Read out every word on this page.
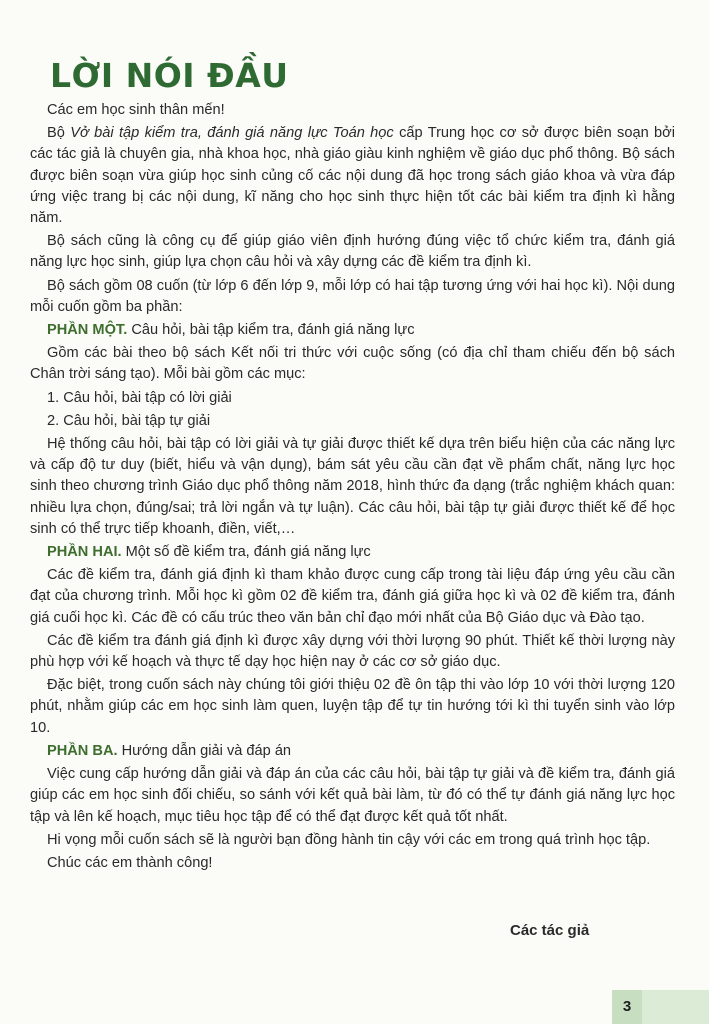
LỜI NÓI ĐẦU

Các em học sinh thân mến!

Bộ Vở bài tập kiểm tra, đánh giá năng lực Toán học cấp Trung học cơ sở được biên soạn bởi các tác giả là chuyên gia, nhà khoa học, nhà giáo giàu kinh nghiệm về giáo dục phổ thông. Bộ sách được biên soạn vừa giúp học sinh củng cố các nội dung đã học trong sách giáo khoa và vừa đáp ứng việc trang bị các nội dung, kĩ năng cho học sinh thực hiện tốt các bài kiểm tra định kì hằng năm.

Bộ sách cũng là công cụ để giúp giáo viên định hướng đúng việc tổ chức kiểm tra, đánh giá năng lực học sinh, giúp lựa chọn câu hỏi và xây dựng các đề kiểm tra định kì.

Bộ sách gồm 08 cuốn (từ lớp 6 đến lớp 9, mỗi lớp có hai tập tương ứng với hai học kì). Nội dung mỗi cuốn gồm ba phần:

PHẦN MỘT. Câu hỏi, bài tập kiểm tra, đánh giá năng lực

Gồm các bài theo bộ sách Kết nối tri thức với cuộc sống (có địa chỉ tham chiếu đến bộ sách Chân trời sáng tạo). Mỗi bài gồm các mục:

1. Câu hỏi, bài tập có lời giải

2. Câu hỏi, bài tập tự giải

Hệ thống câu hỏi, bài tập có lời giải và tự giải được thiết kế dựa trên biểu hiện của các năng lực và cấp độ tư duy (biết, hiểu và vận dụng), bám sát yêu cầu cần đạt về phẩm chất, năng lực học sinh theo chương trình Giáo dục phổ thông năm 2018, hình thức đa dạng (trắc nghiệm khách quan: nhiều lựa chọn, đúng/sai; trả lời ngắn và tự luận). Các câu hỏi, bài tập tự giải được thiết kế để học sinh có thể trực tiếp khoanh, điền, viết,…

PHẦN HAI. Một số đề kiểm tra, đánh giá năng lực

Các đề kiểm tra, đánh giá định kì tham khảo được cung cấp trong tài liệu đáp ứng yêu cầu cần đạt của chương trình. Mỗi học kì gồm 02 đề kiểm tra, đánh giá giữa học kì và 02 đề kiểm tra, đánh giá cuối học kì. Các đề có cấu trúc theo văn bản chỉ đạo mới nhất của Bộ Giáo dục và Đào tạo.

Các đề kiểm tra đánh giá định kì được xây dựng với thời lượng 90 phút. Thiết kế thời lượng này phù hợp với kế hoạch và thực tế dạy học hiện nay ở các cơ sở giáo dục.

Đặc biệt, trong cuốn sách này chúng tôi giới thiệu 02 đề ôn tập thi vào lớp 10 với thời lượng 120 phút, nhằm giúp các em học sinh làm quen, luyện tập để tự tin hướng tới kì thi tuyển sinh vào lớp 10.

PHẦN BA. Hướng dẫn giải và đáp án

Việc cung cấp hướng dẫn giải và đáp án của các câu hỏi, bài tập tự giải và đề kiểm tra, đánh giá giúp các em học sinh đối chiếu, so sánh với kết quả bài làm, từ đó có thể tự đánh giá năng lực học tập và lên kế hoạch, mục tiêu học tập để có thể đạt được kết quả tốt nhất.

Hi vọng mỗi cuốn sách sẽ là người bạn đồng hành tin cậy với các em trong quá trình học tập.

Chúc các em thành công!

Các tác giả
3
